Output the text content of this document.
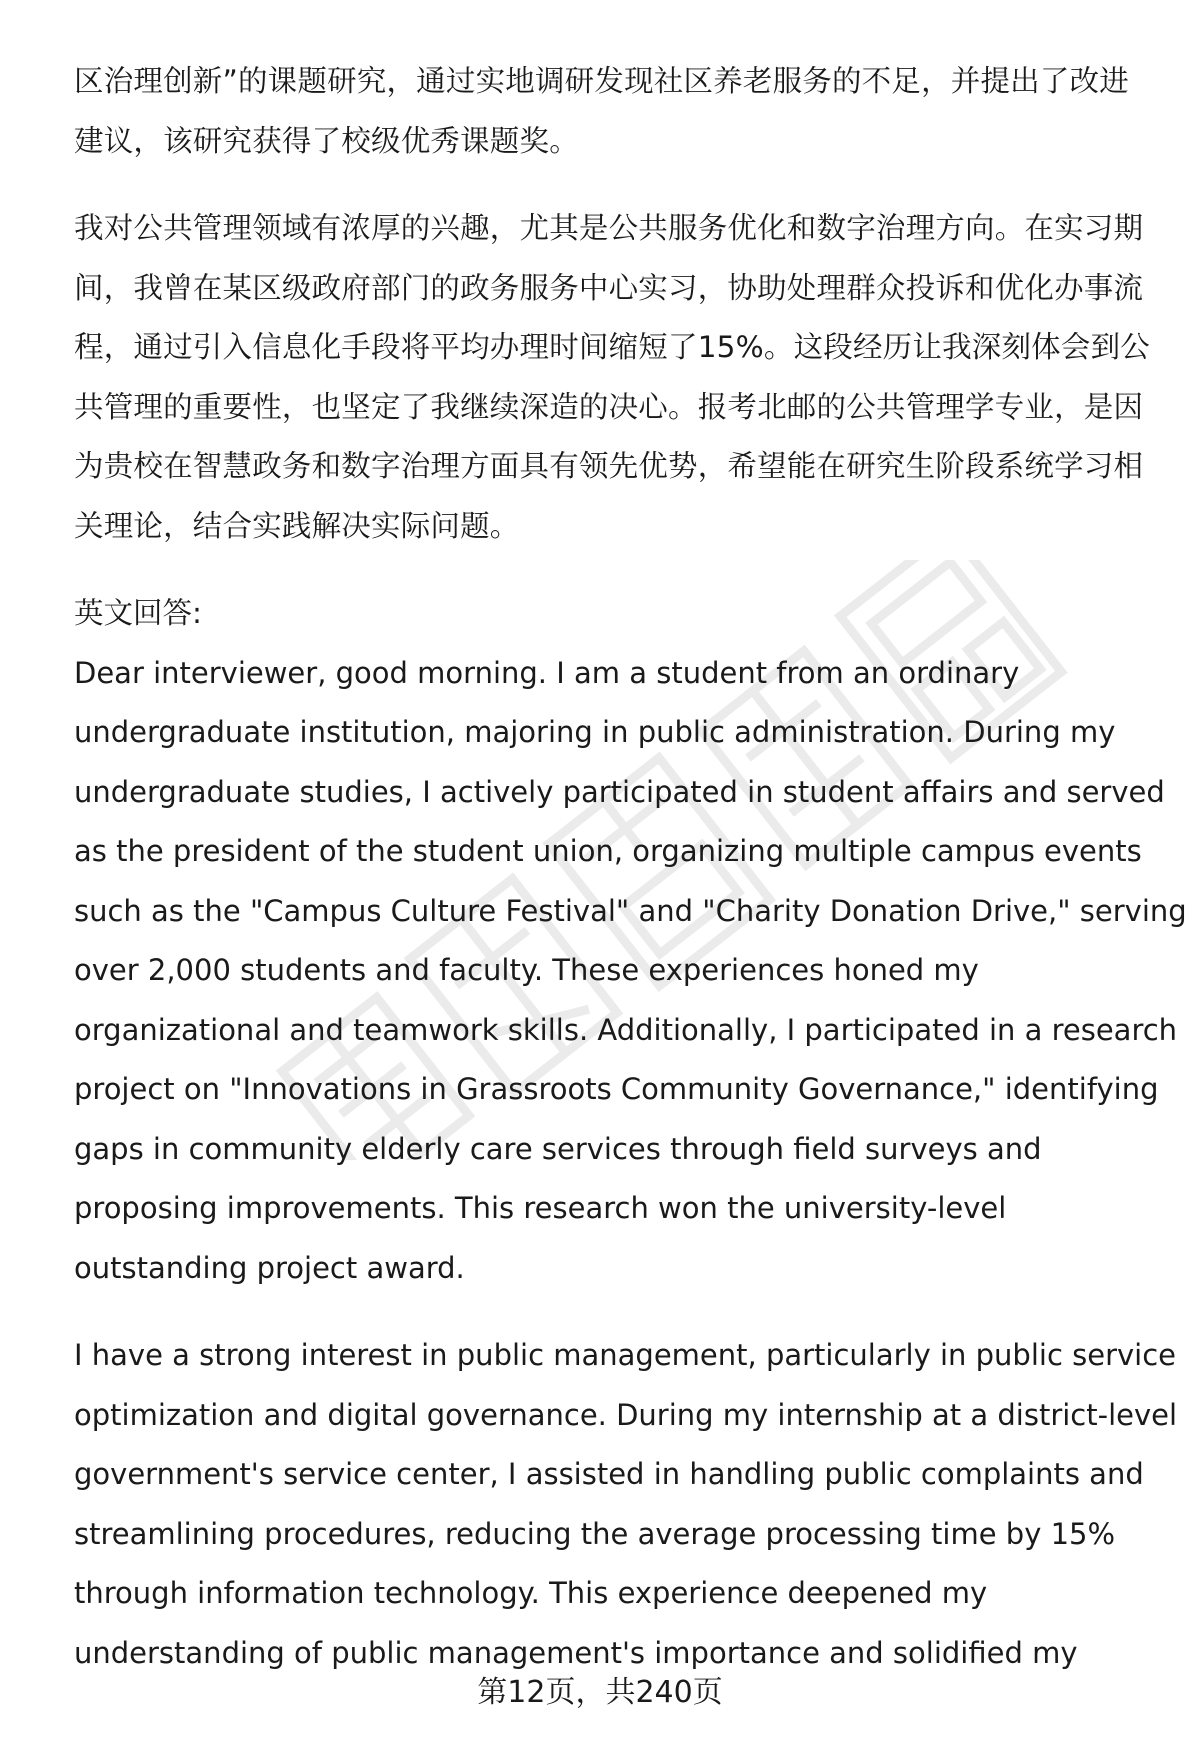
区治理创新”的课题研究，通过实地调研发现社区养老服务的不足，并提出了改进
建议，该研究获得了校级优秀课题奖。

我对公共管理领域有浓厚的兴趣，尤其是公共服务优化和数字治理方向。在实习期
间，我曾在某区级政府部门的政务服务中心实习，协助处理群众投诉和优化办事流
程，通过引入信息化手段将平均办理时间缩短了15%。这段经历让我深刻体会到公
共管理的重要性，也坚定了我继续深造的决心。报考北邮的公共管理学专业，是因
为贵校在智慧政务和数字治理方面具有领先优势，希望能在研究生阶段系统学习相
关理论，结合实践解决实际问题。

英文回答:

Dear interviewer, good morning. I am a student from an ordinary
undergraduate institution, majoring in public administration. During my
undergraduate studies, I actively participated in student affairs and served
as the president of the student union, organizing multiple campus events
such as the "Campus Culture Festival" and "Charity Donation Drive," serving
over 2,000 students and faculty. These experiences honed my
organizational and teamwork skills. Additionally, I participated in a research
project on "Innovations in Grassroots Community Governance," identifying
gaps in community elderly care services through field surveys and
proposing improvements. This research won the university-level
outstanding project award.

I have a strong interest in public management, particularly in public service
optimization and digital governance. During my internship at a district-level
government's service center, I assisted in handling public complaints and
streamlining procedures, reducing the average processing time by 15%
through information technology. This experience deepened my
understanding of public management's importance and solidified my

第12页，共240页
